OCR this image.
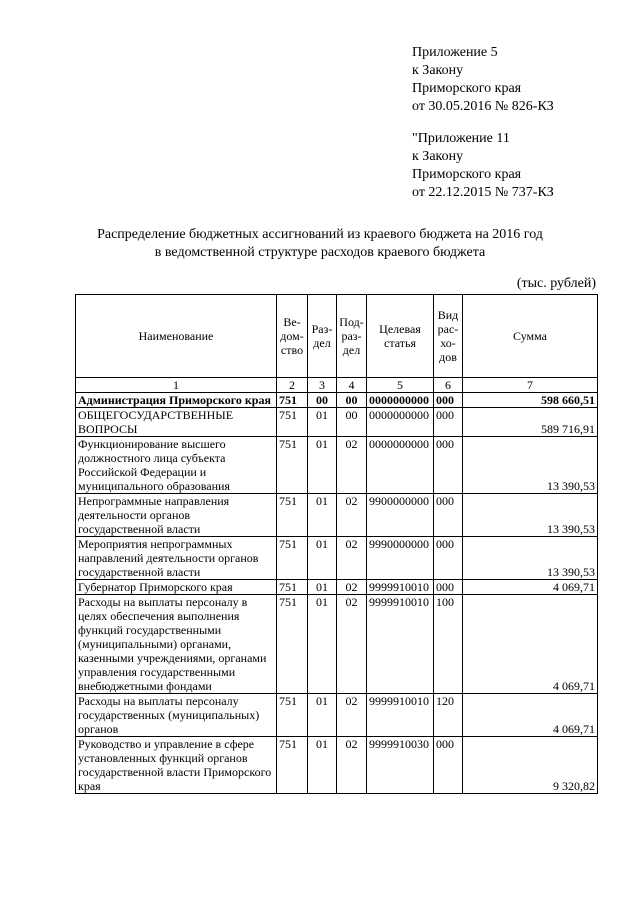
Приложение 5
к Закону
Приморского края
от 30.05.2016 № 826-КЗ
"Приложение 11
к Закону
Приморского края
от 22.12.2015 № 737-КЗ
Распределение бюджетных ассигнований из краевого бюджета на 2016 год
в ведомственной структуре расходов краевого бюджета
(тыс. рублей)
Наименование	Ве-дом-ство	Раз-дел	Под-раз-дел	Целевая статья	Вид рас-хо-дов	Сумма
1	2	3	4	5	6	7
Администрация Приморского края	751	00	00	0000000000	000	598 660,51
ОБЩЕГОСУДАРСТВЕННЫЕ ВОПРОСЫ	751	01	00	0000000000	000	589 716,91
Функционирование высшего должностного лица субъекта Российской Федерации и муниципального образования	751	01	02	0000000000	000	13 390,53
Непрограммные направления деятельности органов государственной власти	751	01	02	9900000000	000	13 390,53
Мероприятия непрограммных направлений деятельности органов государственной власти	751	01	02	9990000000	000	13 390,53
Губернатор Приморского края	751	01	02	9999910010	000	4 069,71
Расходы на выплаты персоналу в целях обеспечения выполнения функций государственными (муниципальными) органами, казенными учреждениями, органами управления государственными внебюджетными фондами	751	01	02	9999910010	100	4 069,71
Расходы на выплаты персоналу государственных (муниципальных) органов	751	01	02	9999910010	120	4 069,71
Руководство и управление в сфере установленных функций органов государственной власти Приморского края	751	01	02	9999910030	000	9 320,82
